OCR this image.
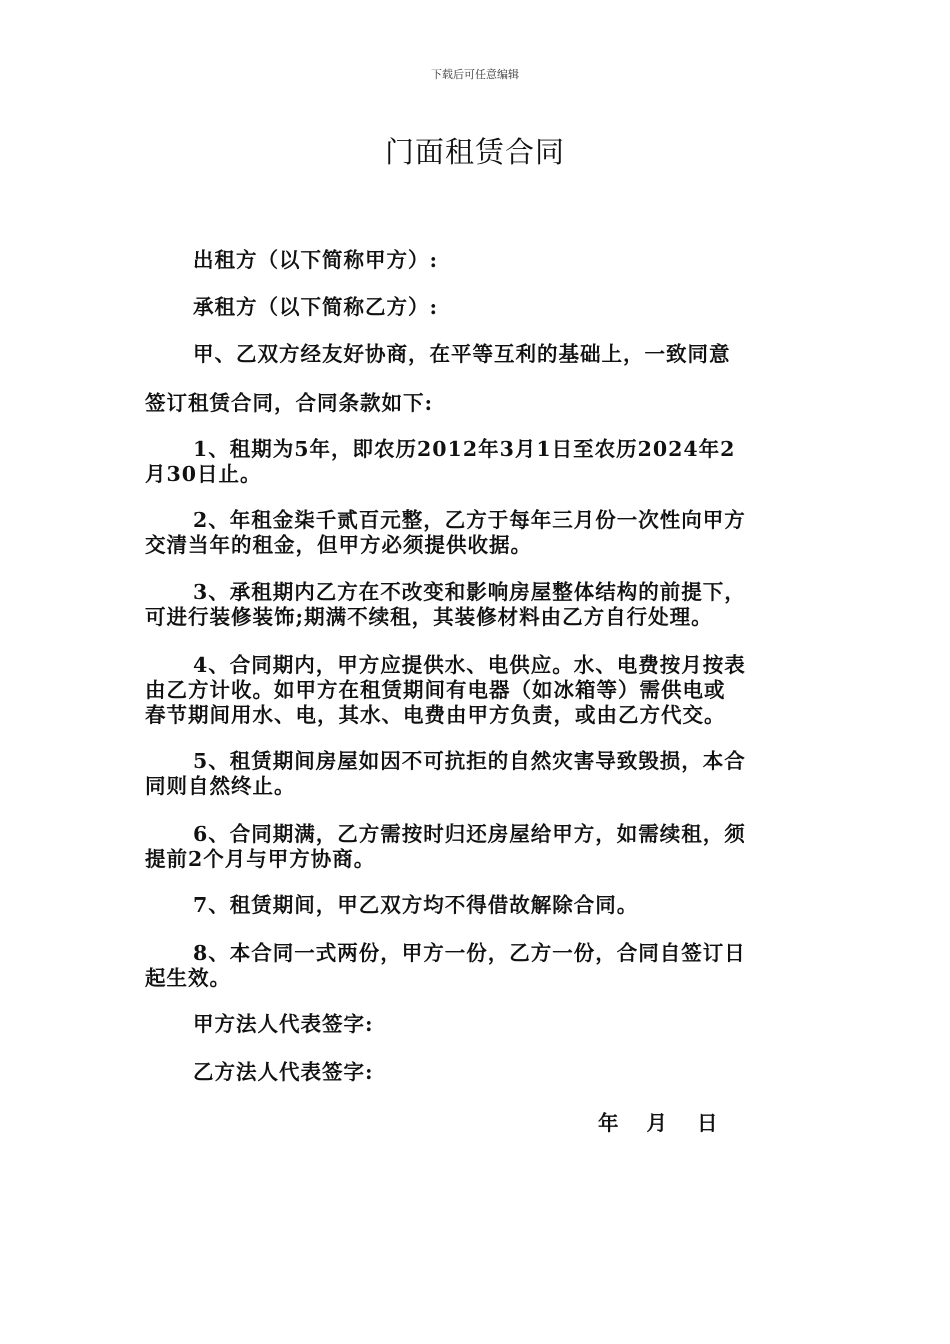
下载后可任意编辑
门面租赁合同
出租方（以下简称甲方）:
承租方（以下简称乙方）:
甲、乙双方经友好协商，在平等互利的基础上，一致同意
签订租赁合同，合同条款如下:
1、租期为5年，即农历2012年3月1日至农历2024年2
月30日止。
2、年租金柒千贰百元整，乙方于每年三月份一次性向甲方
交清当年的租金，但甲方必须提供收据。
3、承租期内乙方在不改变和影响房屋整体结构的前提下，
可进行装修装饰;期满不续租，其装修材料由乙方自行处理。
4、合同期内，甲方应提供水、电供应。水、电费按月按表
由乙方计收。如甲方在租赁期间有电器（如冰箱等）需供电或
春节期间用水、电，其水、电费由甲方负责，或由乙方代交。
5、租赁期间房屋如因不可抗拒的自然灾害导致毁损，本合
同则自然终止。
6、合同期满，乙方需按时归还房屋给甲方，如需续租，须
提前2个月与甲方协商。
7、租赁期间，甲乙双方均不得借故解除合同。
8、本合同一式两份，甲方一份，乙方一份，合同自签订日
起生效。
甲方法人代表签字:
乙方法人代表签字:
年 月 日
